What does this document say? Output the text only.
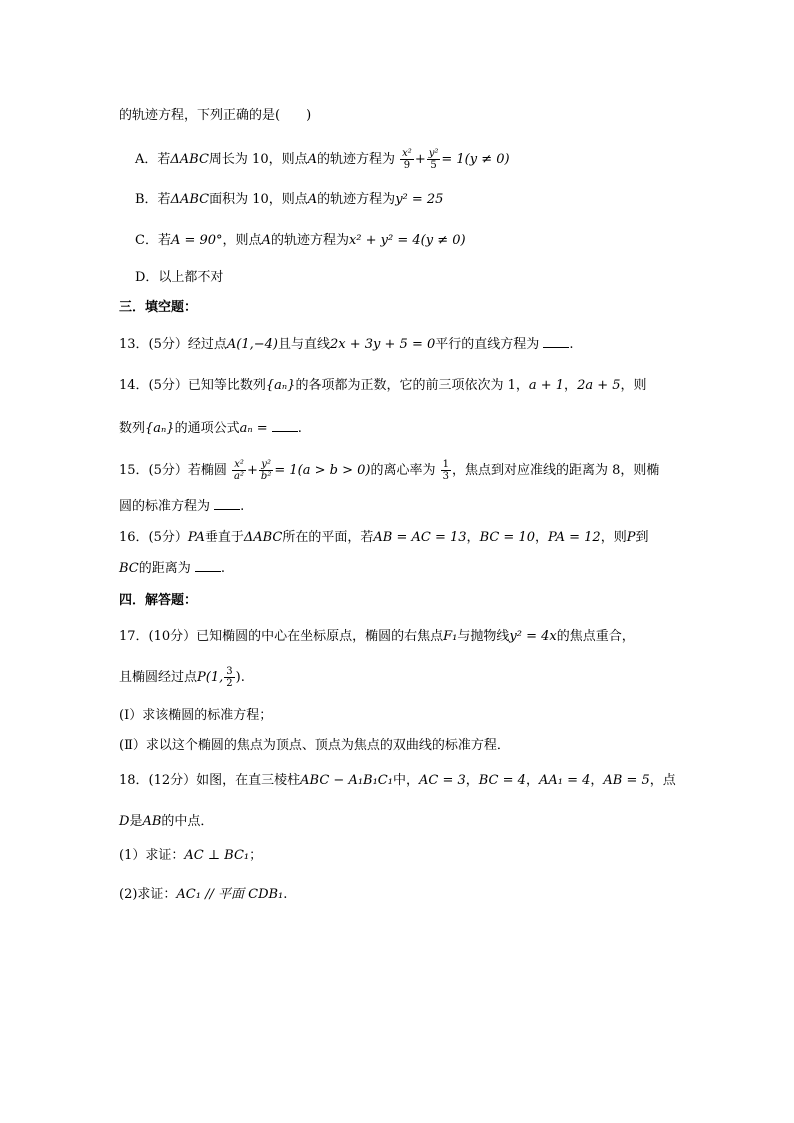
的轨迹方程，下列正确的是(　　)
A．若ΔABC周长为 10，则点A的轨迹方程为 $\frac{\text{x²}}{9} + \frac{\text{y²}}{5} = 1(y \ne 0)$
B．若ΔABC面积为 10，则点A的轨迹方程为y² = 25
C．若A = 90°，则点A的轨迹方程为x² + y² = 4(y ≠ 0)
D．以上都不对
三．填空题：
13．(5分）经过点A(1,−4)且与直线2x + 3y + 5 = 0平行的直线方程为 .
14．(5分）已知等比数列{aₙ}的各项都为正数，它的前三项依次为 1，a + 1，2a + 5，则
数列{aₙ}的通项公式aₙ = .
15．(5分）若椭圆 $\frac{\text{x²}}{\text{a²}} + \frac{\text{y²}}{\text{b²}} = 1(a > b > 0)$的离心率为 $\frac{1}{3}$ ，焦点到对应准线的距离为 8，则椭
圆的标准方程为 .
16．(5分）PA垂直于ΔABC所在的平面，若AB = AC = 13，BC = 10，PA = 12，则P到
BC的距离为 .
四．解答题：
17．(10分）已知椭圆的中心在坐标原点，椭圆的右焦点F₁与抛物线y² = 4x的焦点重合，
且椭圆经过点P(1, $\frac{3}{2}$ ).
(Ⅰ）求该椭圆的标准方程；
(Ⅱ）求以这个椭圆的焦点为顶点、顶点为焦点的双曲线的标准方程．
18．(12分）如图，在直三棱柱ABC − A₁B₁C₁中，AC = 3，BC = 4，AA₁ = 4，AB = 5，点
D是AB的中点．
(1）求证：AC ⊥ BC₁；
(2)求证：AC₁ // 平面 CDB₁.
